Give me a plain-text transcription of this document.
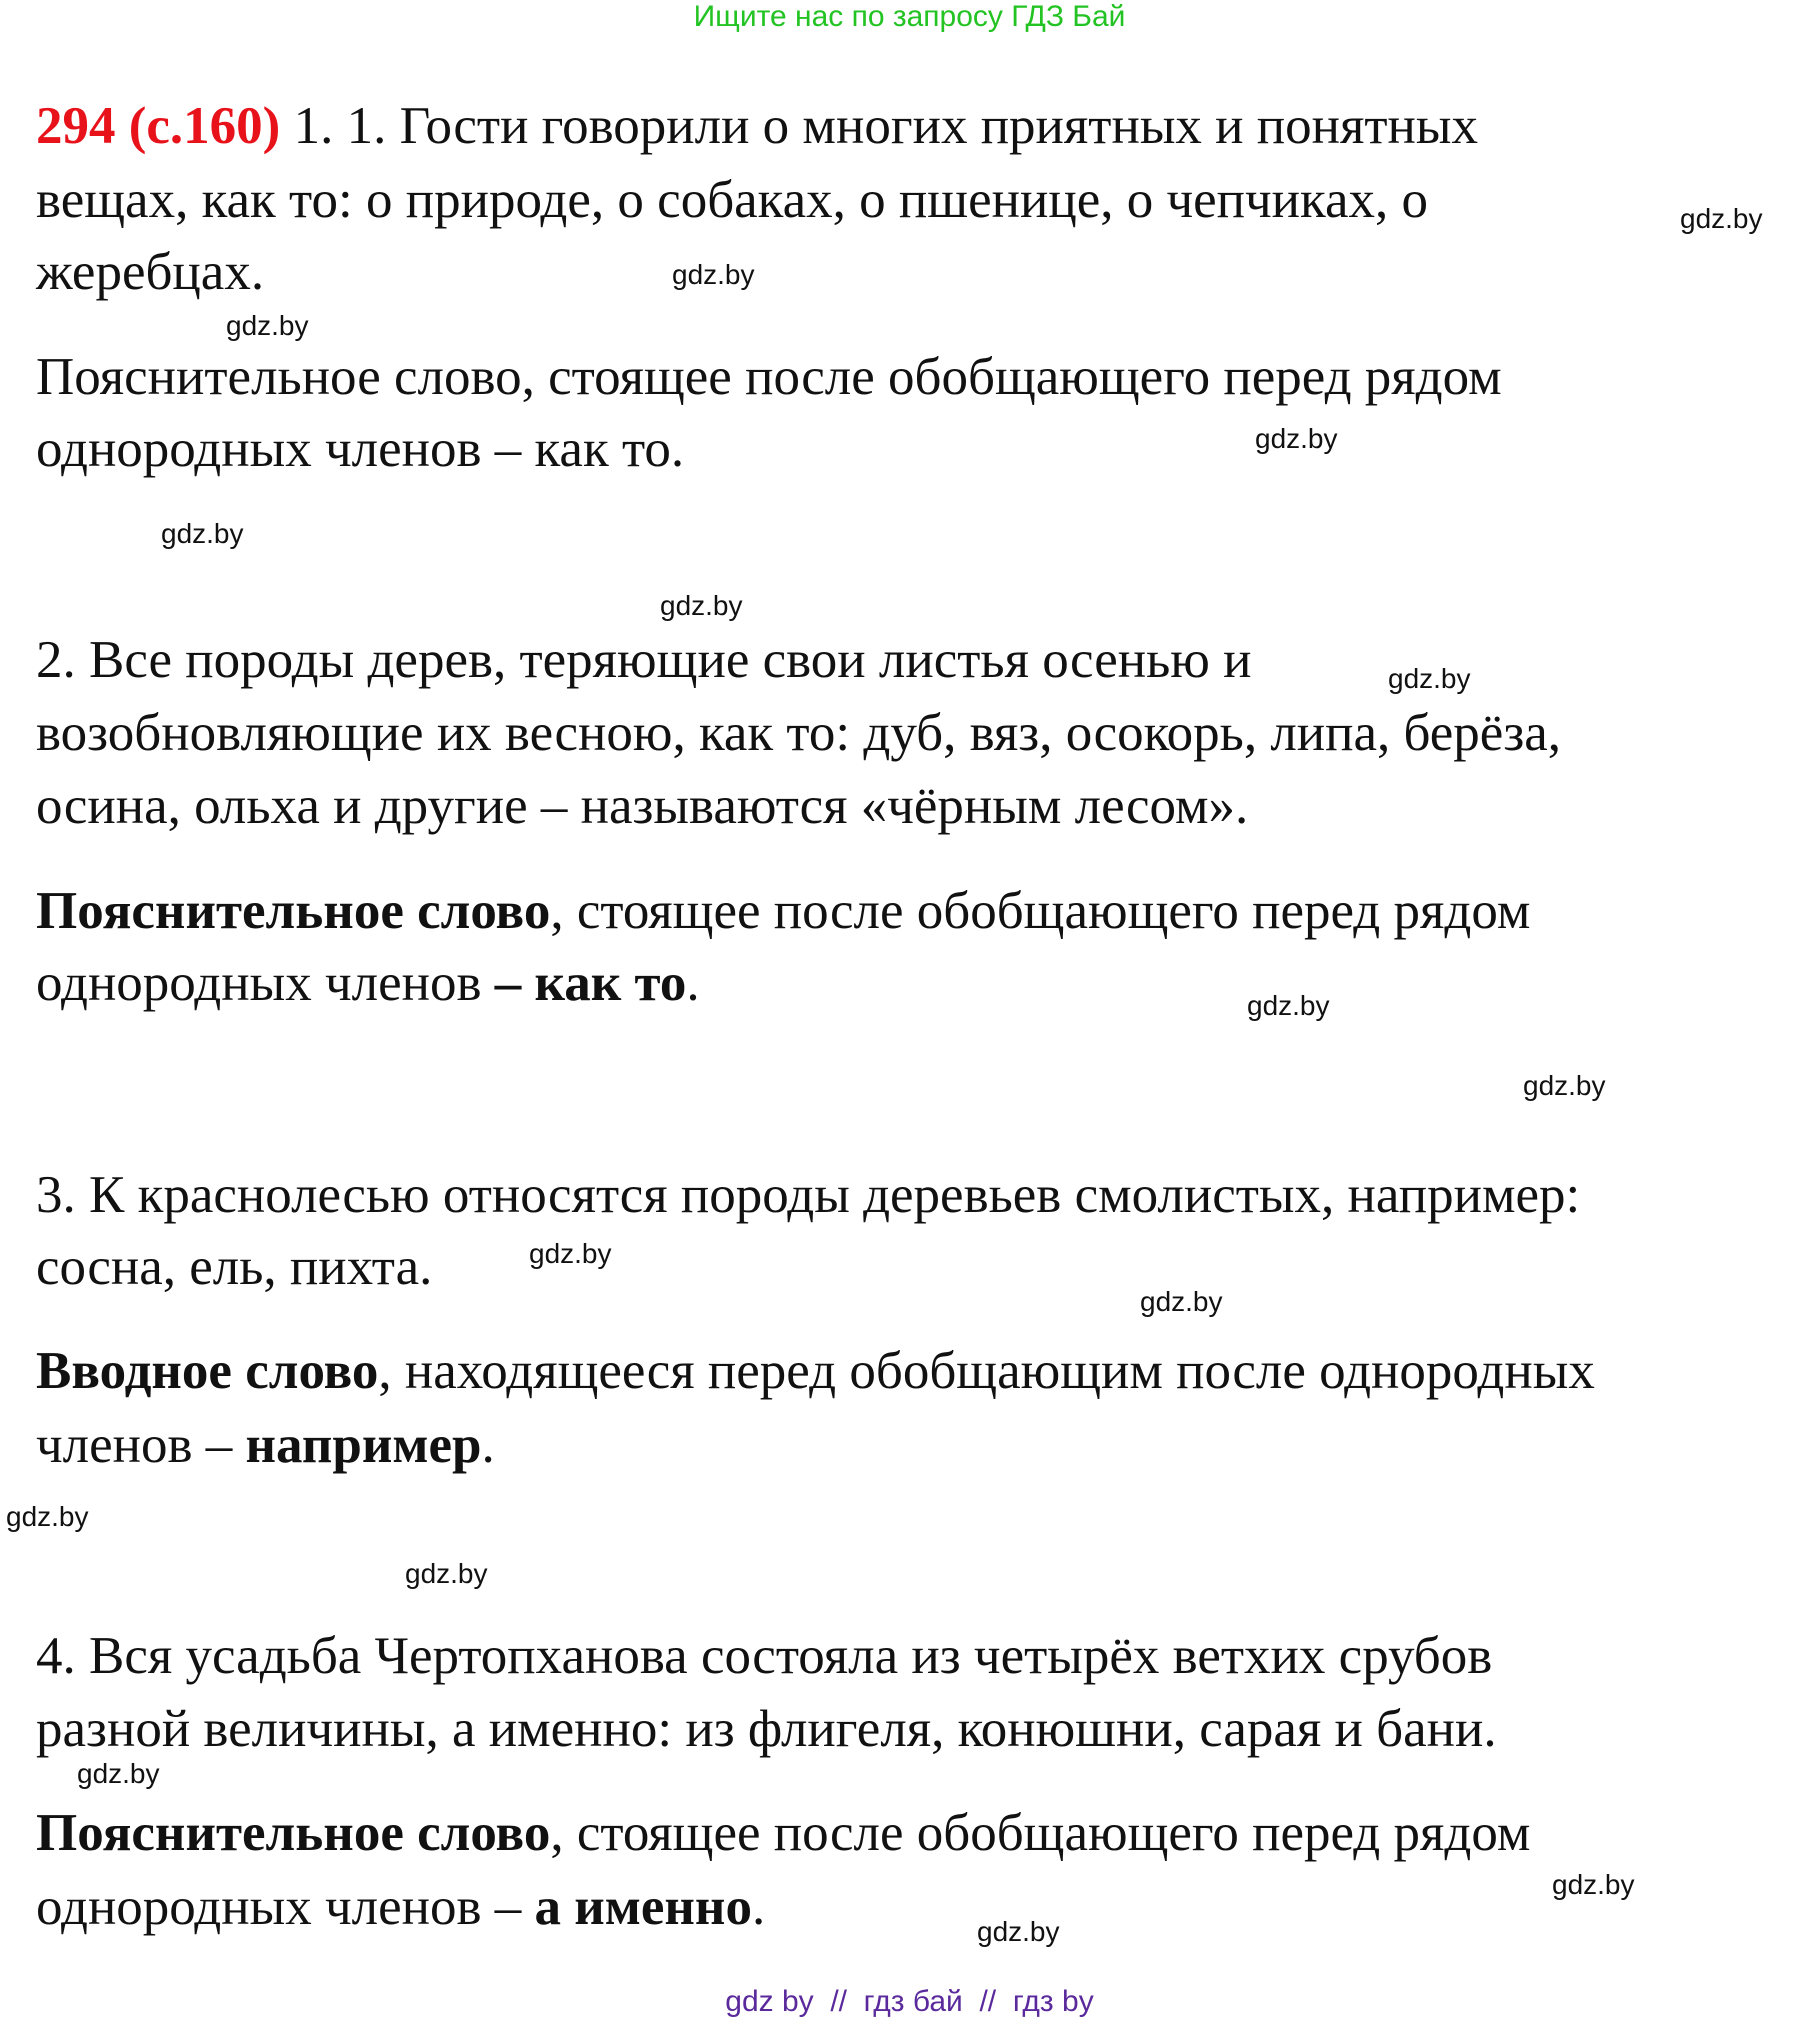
Ищите нас по запросу ГДЗ Бай
294 (с.160) 1. 1. Гости говорили о многих приятных и понятных
вещах, как то: о природе, о собаках, о пшенице, о чепчиках, о
жеребцах.
Пояснительное слово, стоящее после обобщающего перед рядом
однородных членов – как то.
2. Все породы дерев, теряющие свои листья осенью и
возобновляющие их весною, как то: дуб, вяз, осокорь, липа, берёза,
осина, ольха и другие – называются «чёрным лесом».
Пояснительное слово, стоящее после обобщающего перед рядом
однородных членов – как то.
3. К краснолесью относятся породы деревьев смолистых, например:
сосна, ель, пихта.
Вводное слово, находящееся перед обобщающим после однородных
членов – например.
4. Вся усадьба Чертопханова состояла из четырёх ветхих срубов
разной величины, а именно: из флигеля, конюшни, сарая и бани.
Пояснительное слово, стоящее после обобщающего перед рядом
однородных членов – а именно.
gdz.by
gdz.by
gdz.by
gdz.by
gdz.by
gdz.by
gdz.by
gdz.by
gdz.by
gdz.by
gdz.by
gdz.by
gdz.by
gdz.by
gdz.by
gdz.by
gdz by  //  гдз бай  //  гдз by
